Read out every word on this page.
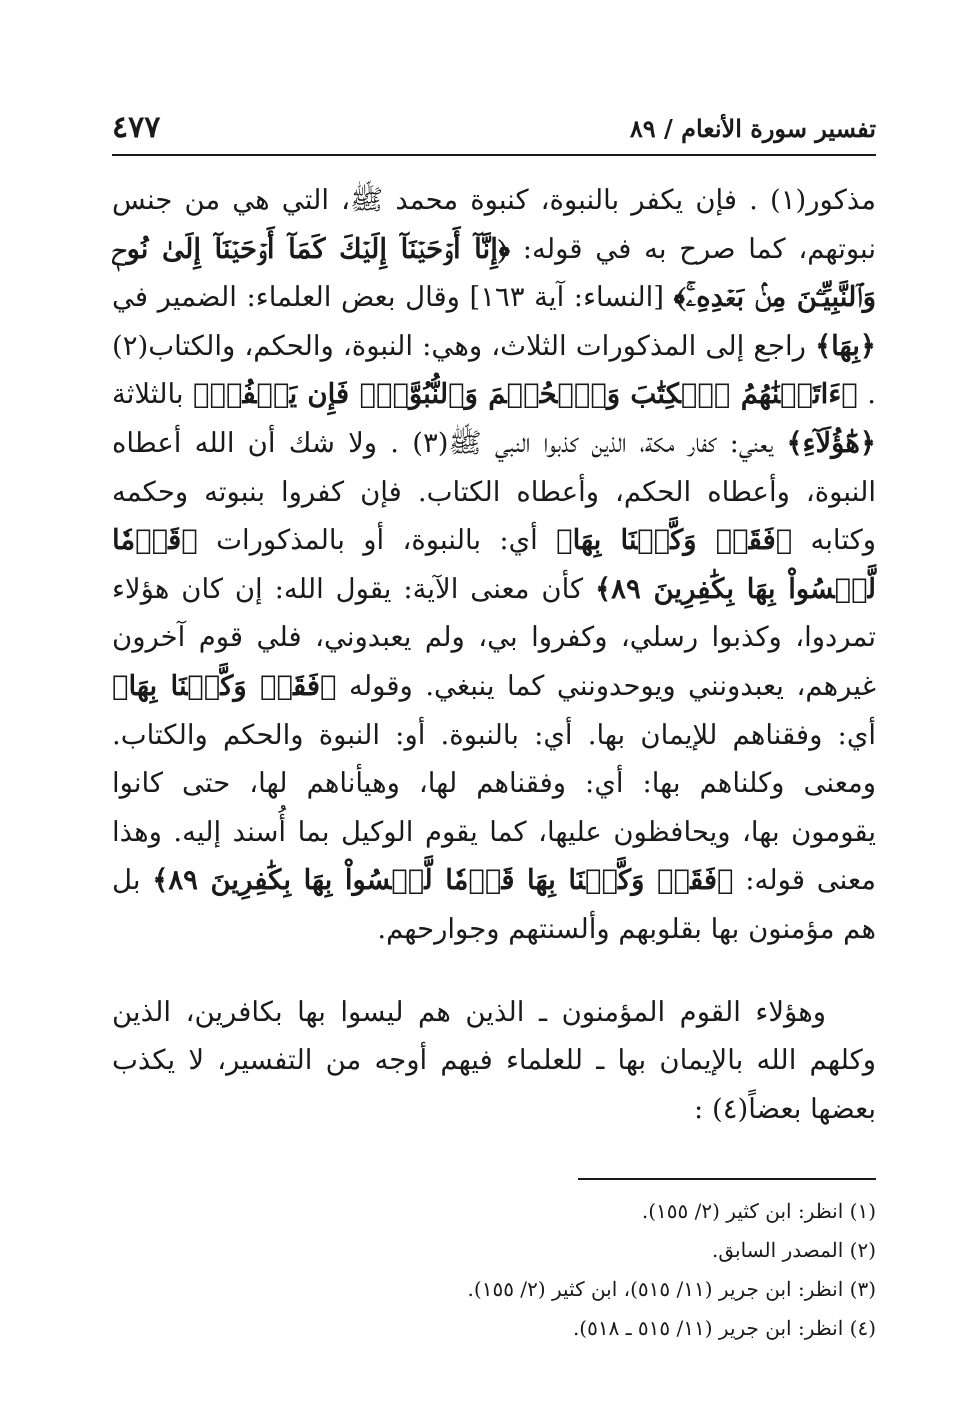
٤٧٧	تفسير سورة الأنعام / ٨٩

مذكور(١) . فإن يكفر بالنبوة، كنبوة محمد ﷺ، التي هي من جنس نبوتهم، كما صرح به في قوله: ﴿إِنَّآ أَوۡحَيۡنَآ إِلَيۡكَ كَمَآ أَوۡحَيۡنَآ إِلَىٰ نُوحٖ وَٱلنَّبِيِّـۧنَ مِنۢ بَعۡدِهِۦۚ﴾ [النساء: آية ١٦٣] وقال بعض العلماء: الضمير في ﴿بِهَا﴾ راجع إلى المذكورات الثلاث، وهي: النبوة، والحكم، والكتاب(٢) . ﴿ءَاتَيۡنَٰهُمُ ٱلۡكِتَٰبَ وَٱلۡحُكۡمَ وَٱلنُّبُوَّةَۚ فَإِن يَكۡفُرۡ﴾ بالثلاثة ﴿هَٰٓؤُلَآءِ﴾ يعني: كفار مكة، الذين كذبوا النبي ﷺ(٣) . ولا شك أن الله أعطاه النبوة، وأعطاه الحكم، وأعطاه الكتاب. فإن كفروا بنبوته وحكمه وكتابه ﴿فَقَدۡ وَكَّلۡنَا بِهَا﴾ أي: بالنبوة، أو بالمذكورات ﴿قَوۡمٗا لَّيۡسُواْ بِهَا بِكَٰفِرِينَ ٨٩﴾ كأن معنى الآية: يقول الله: إن كان هؤلاء تمردوا، وكذبوا رسلي، وكفروا بي، ولم يعبدوني، فلي قوم آخرون غيرهم، يعبدونني ويوحدونني كما ينبغي. وقوله ﴿فَقَدۡ وَكَّلۡنَا بِهَا﴾ أي: وفقناهم للإيمان بها. أي: بالنبوة. أو: النبوة والحكم والكتاب. ومعنى وكلناهم بها: أي: وفقناهم لها، وهيأناهم لها، حتى كانوا يقومون بها، ويحافظون عليها، كما يقوم الوكيل بما أُسند إليه. وهذا معنى قوله: ﴿فَقَدۡ وَكَّلۡنَا بِهَا قَوۡمٗا لَّيۡسُواْ بِهَا بِكَٰفِرِينَ ٨٩﴾ بل هم مؤمنون بها بقلوبهم وألسنتهم وجوارحهم.

وهؤلاء القوم المؤمنون ـ الذين هم ليسوا بها بكافرين، الذين وكلهم الله بالإيمان بها ـ للعلماء فيهم أوجه من التفسير، لا يكذب بعضها بعضاً(٤) :

(١) انظر: ابن كثير (٢/ ١٥٥).

(٢) المصدر السابق.

(٣) انظر: ابن جرير (١١/ ٥١٥)، ابن كثير (٢/ ١٥٥).

(٤) انظر: ابن جرير (١١/ ٥١٥ ـ ٥١٨).
